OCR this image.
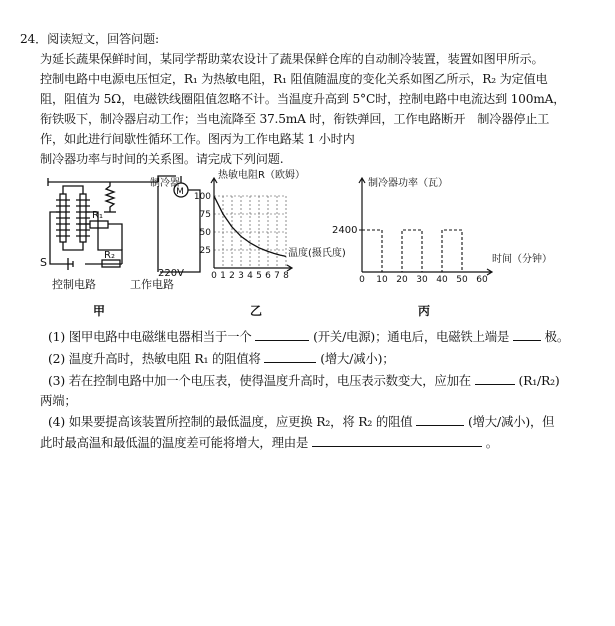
24．阅读短文，回答问题:
为延长蔬果保鲜时间，某同学帮助菜农设计了蔬果保鲜仓库的自动制冷装置，装置如图甲所示。
控制电路中电源电压恒定，R₁ 为热敏电阻，R₁ 阻值随温度的变化关系如图乙所示，R₂ 为定值电
阻，阻值为 5Ω，电磁铁线圈阻值忽略不计。当温度升高到 5°C时，控制电路中电流达到 100mA，
衔铁吸下，制冷器启动工作；当电流降至 37.5mA 时，衔铁弹回，工作电路断开　制冷器停止工
作，如此进行间歇性循环工作。图丙为工作电路某 1 小时内
制冷器功率与时间的关系图。请完成下列问题.
M
制冷器
S
R₁
R₂
220V
控制电路	工作电路
100
75
50
25
0 1 2 3 4 5 6 7 8
热敏电阻R（欧姆）
温度(摄氏度)
0 10 20 30 40 50 60
2400
制冷器功率（瓦）
时间（分钟）
甲	乙	丙
(1) 图甲电路中电磁继电器相当于一个	(开关/电源)；通电后，电磁铁上端是	极。
(2) 温度升高时，热敏电阻 R₁ 的阻值将	(增大/减小)；
(3) 若在控制电路中加一个电压表，使得温度升高时，电压表示数变大，应加在	(R₁/R₂)
两端；
(4) 如果要提高该装置所控制的最低温度，应更换 R₂，将 R₂ 的阻值	(增大/减小)，但
此时最高温和最低温的温度差可能将增大，理由是	。
